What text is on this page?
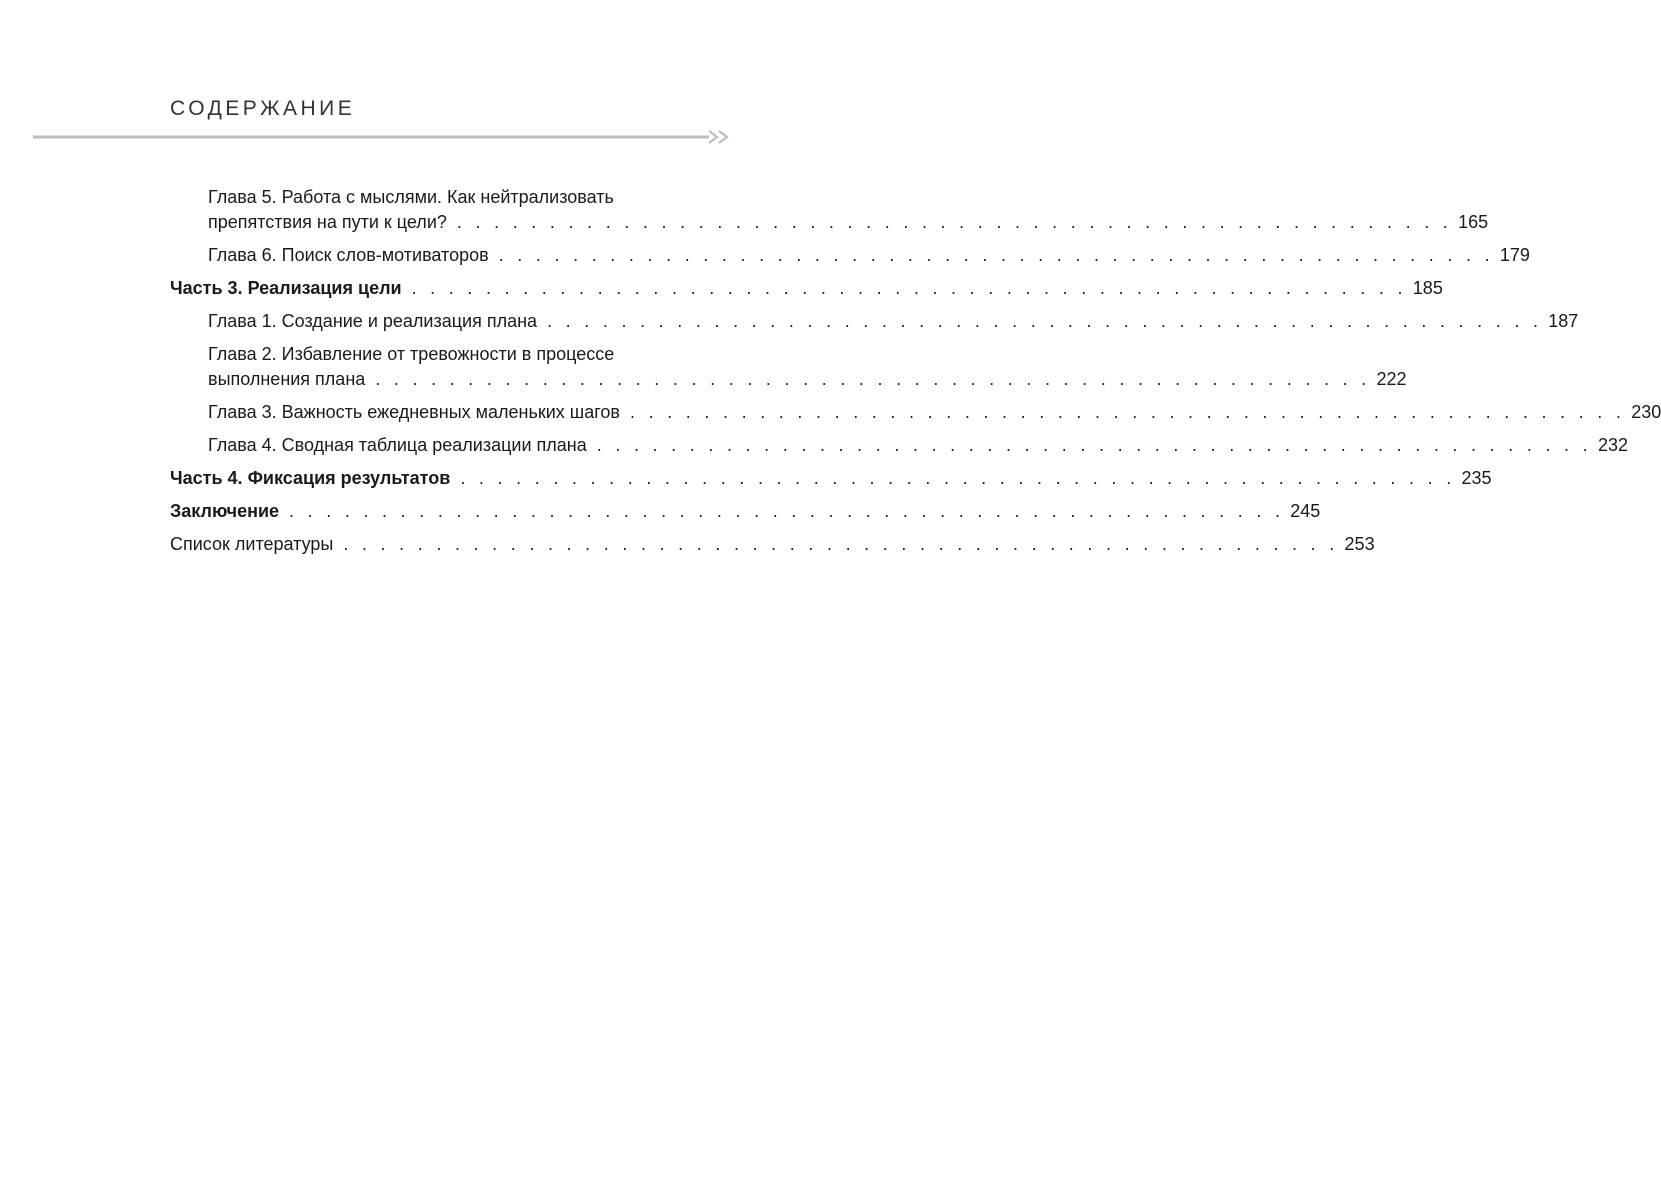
СОДЕРЖАНИЕ
Глава 5. Работа с мыслями. Как нейтрализовать
препятствия на пути к цели? . . . . . . . . . . . . . . . . . . . . . . . . . . . . . . . . . . . . . . . . . . . . . . . . . . . . . . 165
Глава 6. Поиск слов-мотиваторов . . . . . . . . . . . . . . . . . . . . . . . . . . . . . . . . . . . . . . . . . . . . . . . . . . . . . . 179
Часть 3. Реализация цели . . . . . . . . . . . . . . . . . . . . . . . . . . . . . . . . . . . . . . . . . . . . . . . . . . . . . . 185
Глава 1. Создание и реализация плана . . . . . . . . . . . . . . . . . . . . . . . . . . . . . . . . . . . . . . . . . . . . . . . . . . . . . . 187
Глава 2. Избавление от тревожности в процессе
выполнения плана . . . . . . . . . . . . . . . . . . . . . . . . . . . . . . . . . . . . . . . . . . . . . . . . . . . . . . 222
Глава 3. Важность ежедневных маленьких шагов . . . . . . . . . . . . . . . . . . . . . . . . . . . . . . . . . . . . . . . . . . . . . . . . . . . . . . 230
Глава 4. Сводная таблица реализации плана . . . . . . . . . . . . . . . . . . . . . . . . . . . . . . . . . . . . . . . . . . . . . . . . . . . . . . 232
Часть 4. Фиксация результатов . . . . . . . . . . . . . . . . . . . . . . . . . . . . . . . . . . . . . . . . . . . . . . . . . . . . . . 235
Заключение . . . . . . . . . . . . . . . . . . . . . . . . . . . . . . . . . . . . . . . . . . . . . . . . . . . . . . 245
Список литературы . . . . . . . . . . . . . . . . . . . . . . . . . . . . . . . . . . . . . . . . . . . . . . . . . . . . . . 253
